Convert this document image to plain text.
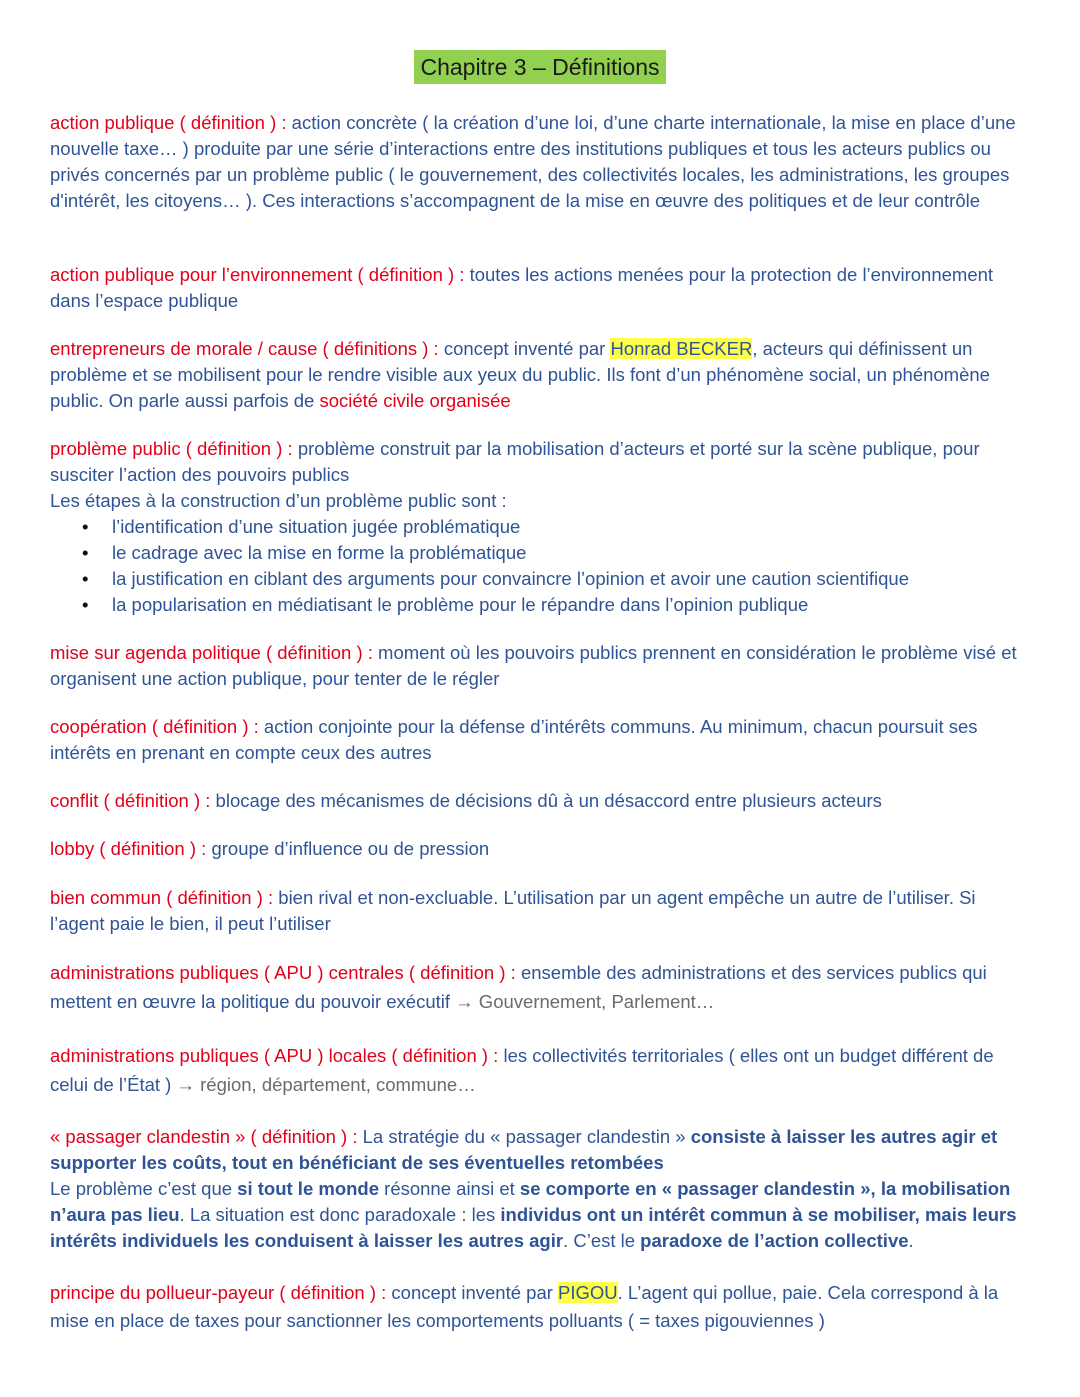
Chapitre 3 – Définitions

action publique ( définition ) : action concrète ( la création d’une loi, d’une charte internationale, la mise en place d’une nouvelle taxe… ) produite par une série d’interactions entre des institutions publiques et tous les acteurs publics ou privés concernés par un problème public ( le gouvernement, des collectivités locales, les administrations, les groupes d'intérêt, les citoyens… ). Ces interactions s’accompagnent de la mise en œuvre des politiques et de leur contrôle

action publique pour l’environnement ( définition ) : toutes les actions menées pour la protection de l’environnement dans l’espace publique

entrepreneurs de morale / cause ( définitions ) : concept inventé par Honrad BECKER, acteurs qui définissent un problème et se mobilisent pour le rendre visible aux yeux du public. Ils font d’un phénomène social, un phénomène public. On parle aussi parfois de société civile organisée

problème public ( définition ) : problème construit par la mobilisation d’acteurs et porté sur la scène publique, pour susciter l’action des pouvoirs publics
Les étapes à la construction d’un problème public sont :
• l’identification d’une situation jugée problématique
• le cadrage avec la mise en forme la problématique
• la justification en ciblant des arguments pour convaincre l’opinion et avoir une caution scientifique
• la popularisation en médiatisant le problème pour le répandre dans l’opinion publique

mise sur agenda politique ( définition ) : moment où les pouvoirs publics prennent en considération le problème visé et organisent une action publique, pour tenter de le régler

coopération ( définition ) : action conjointe pour la défense d’intérêts communs. Au minimum, chacun poursuit ses intérêts en prenant en compte ceux des autres

conflit ( définition ) : blocage des mécanismes de décisions dû à un désaccord entre plusieurs acteurs

lobby ( définition ) : groupe d’influence ou de pression

bien commun ( définition ) : bien rival et non-excluable. L’utilisation par un agent empêche un autre de l’utiliser. Si l’agent paie le bien, il peut l’utiliser

administrations publiques ( APU ) centrales ( définition ) : ensemble des administrations et des services publics qui mettent en œuvre la politique du pouvoir exécutif → Gouvernement, Parlement…

administrations publiques ( APU ) locales ( définition ) : les collectivités territoriales ( elles ont un budget différent de celui de l’État ) → région, département, commune…

« passager clandestin » ( définition ) : La stratégie du « passager clandestin » consiste à laisser les autres agir et supporter les coûts, tout en bénéficiant de ses éventuelles retombées
Le problème c’est que si tout le monde résonne ainsi et se comporte en « passager clandestin », la mobilisation n’aura pas lieu. La situation est donc paradoxale : les individus ont un intérêt commun à se mobiliser, mais leurs intérêts individuels les conduisent à laisser les autres agir. C’est le paradoxe de l’action collective.

principe du pollueur-payeur ( définition ) : concept inventé par PIGOU. L’agent qui pollue, paie. Cela correspond à la mise en place de taxes pour sanctionner les comportements polluants ( = taxes pigouviennes )
